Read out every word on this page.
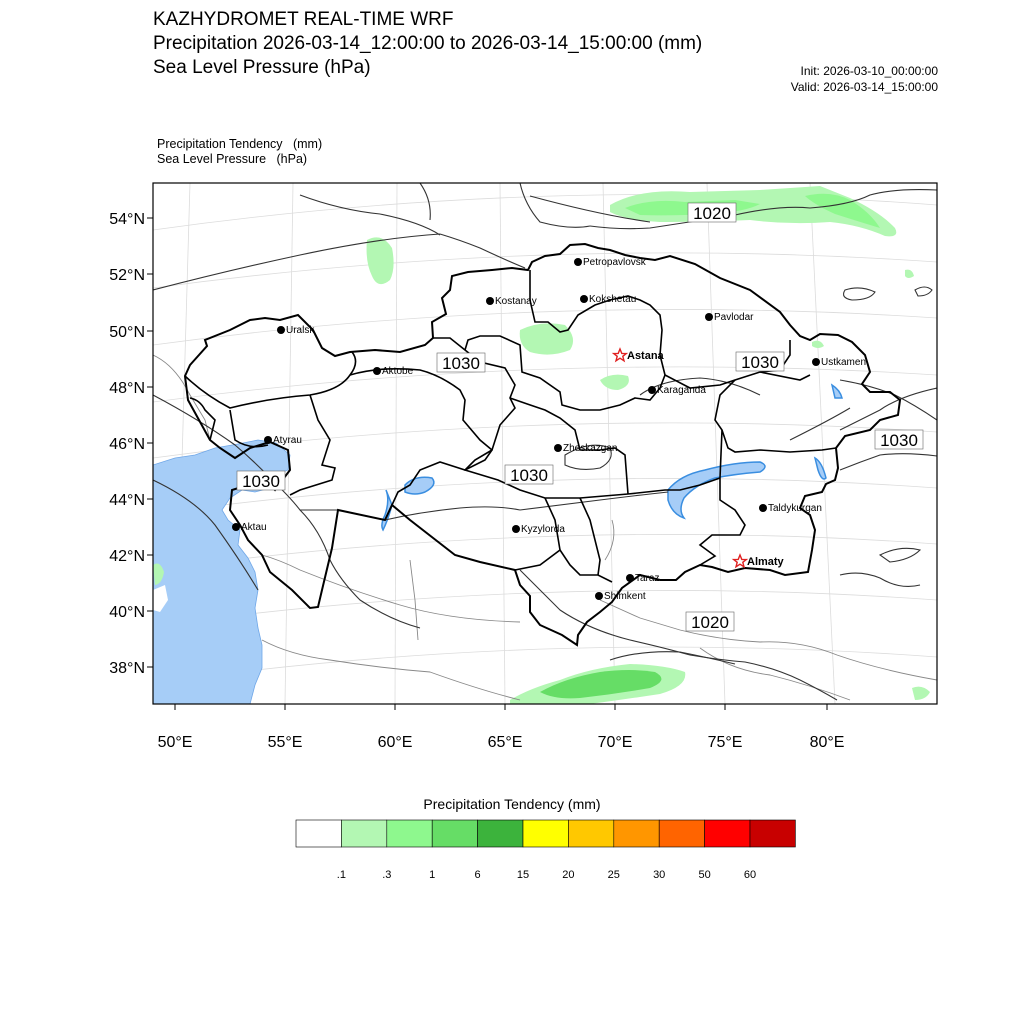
KAZHYDROMET REAL-TIME WRF
Precipitation 2026-03-14_12:00:00 to 2026-03-14_15:00:00 (mm)
Sea Level Pressure (hPa)	Init: 2026-03-10_00:00:00
Valid: 2026-03-14_15:00:00
Precipitation Tendency   (mm)
Sea Level Pressure   (hPa)
1020
1030	1030
1030
1030
1030
1020
Petropavlovsk
Kostanay	Kokshetau
Pavlodar
Uralsk
Astana
Aktobe
Ustkamen
Karaganda
Atyrau
Zheskazgan
Aktau
Taldykurgan
Kyzylorda
Almaty
Taraz
Shimkent
54°N
52°N
50°N
48°N
46°N
44°N
42°N
40°N
38°N
50°E	55°E	60°E	65°E	70°E	75°E	80°E
.1	.3	1	6	15	20	25	30	50	60
Precipitation Tendency (mm)
